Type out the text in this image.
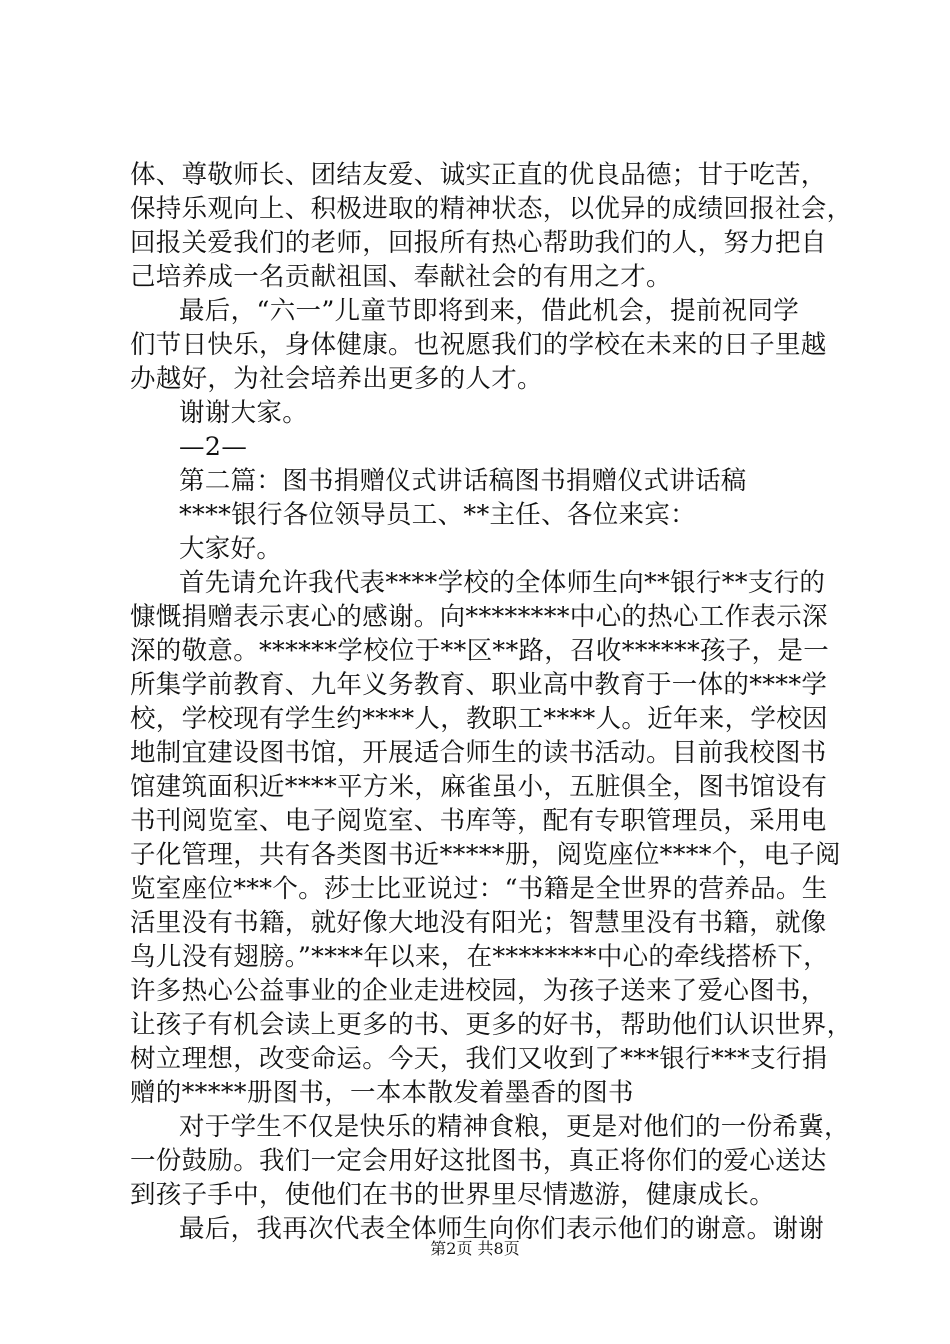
体、尊敬师长、团结友爱、诚实正直的优良品德；甘于吃苦，
保持乐观向上、积极进取的精神状态，以优异的成绩回报社会，
回报关爱我们的老师，回报所有热心帮助我们的人，努力把自
己培养成一名贡献祖国、奉献社会的有用之才。
最后，“六一”儿童节即将到来，借此机会，提前祝同学
们节日快乐，身体健康。也祝愿我们的学校在未来的日子里越
办越好，为社会培养出更多的人才。
谢谢大家。
—2—
第二篇：图书捐赠仪式讲话稿图书捐赠仪式讲话稿
****银行各位领导员工、**主任、各位来宾：
大家好。
首先请允许我代表****学校的全体师生向**银行**支行的
慷慨捐赠表示衷心的感谢。向********中心的热心工作表示深
深的敬意。******学校位于**区**路，召收******孩子，是一
所集学前教育、九年义务教育、职业高中教育于一体的****学
校，学校现有学生约****人，教职工****人。近年来，学校因
地制宜建设图书馆，开展适合师生的读书活动。目前我校图书
馆建筑面积近****平方米，麻雀虽小，五脏俱全，图书馆设有
书刊阅览室、电子阅览室、书库等，配有专职管理员，采用电
子化管理，共有各类图书近*****册，阅览座位****个，电子阅
览室座位***个。莎士比亚说过：“书籍是全世界的营养品。生
活里没有书籍，就好像大地没有阳光；智慧里没有书籍，就像
鸟儿没有翅膀。”****年以来，在********中心的牵线搭桥下，
许多热心公益事业的企业走进校园，为孩子送来了爱心图书，
让孩子有机会读上更多的书、更多的好书，帮助他们认识世界，
树立理想，改变命运。今天，我们又收到了***银行***支行捐
赠的*****册图书，一本本散发着墨香的图书
对于学生不仅是快乐的精神食粮，更是对他们的一份希冀，
一份鼓励。我们一定会用好这批图书，真正将你们的爱心送达
到孩子手中，使他们在书的世界里尽情遨游，健康成长。
最后，我再次代表全体师生向你们表示他们的谢意。谢谢
第2页 共8页
